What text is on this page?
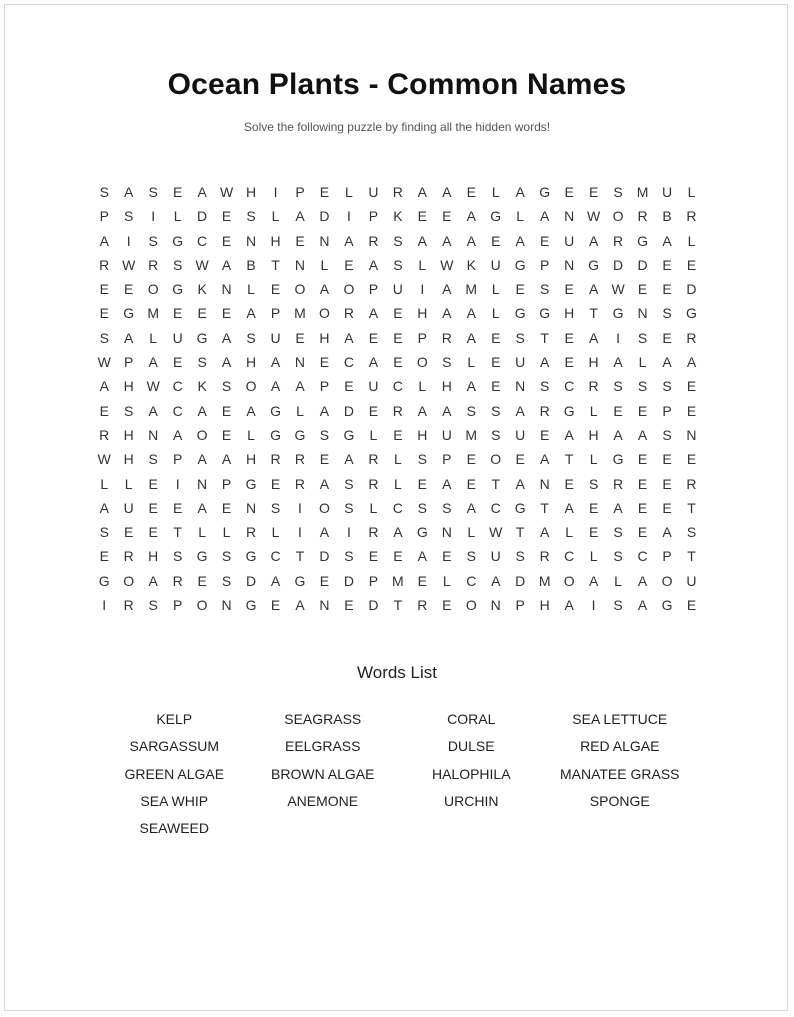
Ocean Plants - Common Names
Solve the following puzzle by finding all the hidden words!
S	A	S	E	A W H	I	P	E	L	U	R	A	A	E	L	A	G	E	E	S M U	L
P	S	I	L	D	E	S	L	A	D	I	P	K	E	E	A	G	L	A	N W O R	B	R
A	I	S	G C	E	N	H	E	N	A	R	S	A	A	A	E	A	E	U	A	R G	A	L
R W R	S W A	B	T	N	L	E	A	S	L W K	U G	P	N G D	D	E	E
E	E	O G	K	N	L	E	O	A	O	P	U	I	A M	L	E	S	E	A W E	E	D
E	G M E	E	E	A	P M O R	A	E	H	A	A	L	G G H	T	G N	S	G
S	A	L	U G	A	S	U	E	H	A	E	E	P	R	A	E	S	T	E	A	I	S	E	R
W P	A	E	S	A	H	A	N	E	C	A	E	O	S	L	E	U	A	E	H	A	L	A	A
A	H W C	K	S	O	A	A	P	E	U	C	L	H	A	E	N	S	C	R	S	S	S	E
E	S	A	C	A	E	A	G	L	A	D	E	R	A	A	S	S	A	R G	L	E	E	P	E
R	H	N	A	O	E	L	G G	S	G	L	E	H	U M S	U	E	A	H	A	A	S	N
W H	S	P	A	A	H	R	R	E	A	R	L	S	P	E	O	E	A	T	L	G	E	E	E
L	L	E	I	N	P	G	E	R	A	S	R	L	E	A	E	T	A	N	E	S	R	E	E	R
A	U	E	E	A	E	N	S	I	O	S	L	C	S	S	A	C G	T	A	E	A	E	E	T
S	E	E	T	L	L	R	L	I	A	I	R	A	G N	L W T	A	L	E	S	E	A	S
E	R	H	S	G	S	G C	T	D	S	E	E	A	E	S	U	S	R	C	L	S	C	P	T
G O	A	R	E	S	D	A	G	E	D	P M E	L	C	A	D M O	A	L	A	O U
I	R	S	P	O N G	E	A	N	E	D	T	R	E	O N	P	H	A	I	S	A	G	E
Words List
KELP	SEAGRASS	CORAL	SEA LETTUCE
SARGASSUM	EELGRASS	DULSE	RED ALGAE
GREEN ALGAE	BROWN ALGAE	HALOPHILA	MANATEE GRASS
SEA WHIP	ANEMONE	URCHIN	SPONGE
SEAWEED
